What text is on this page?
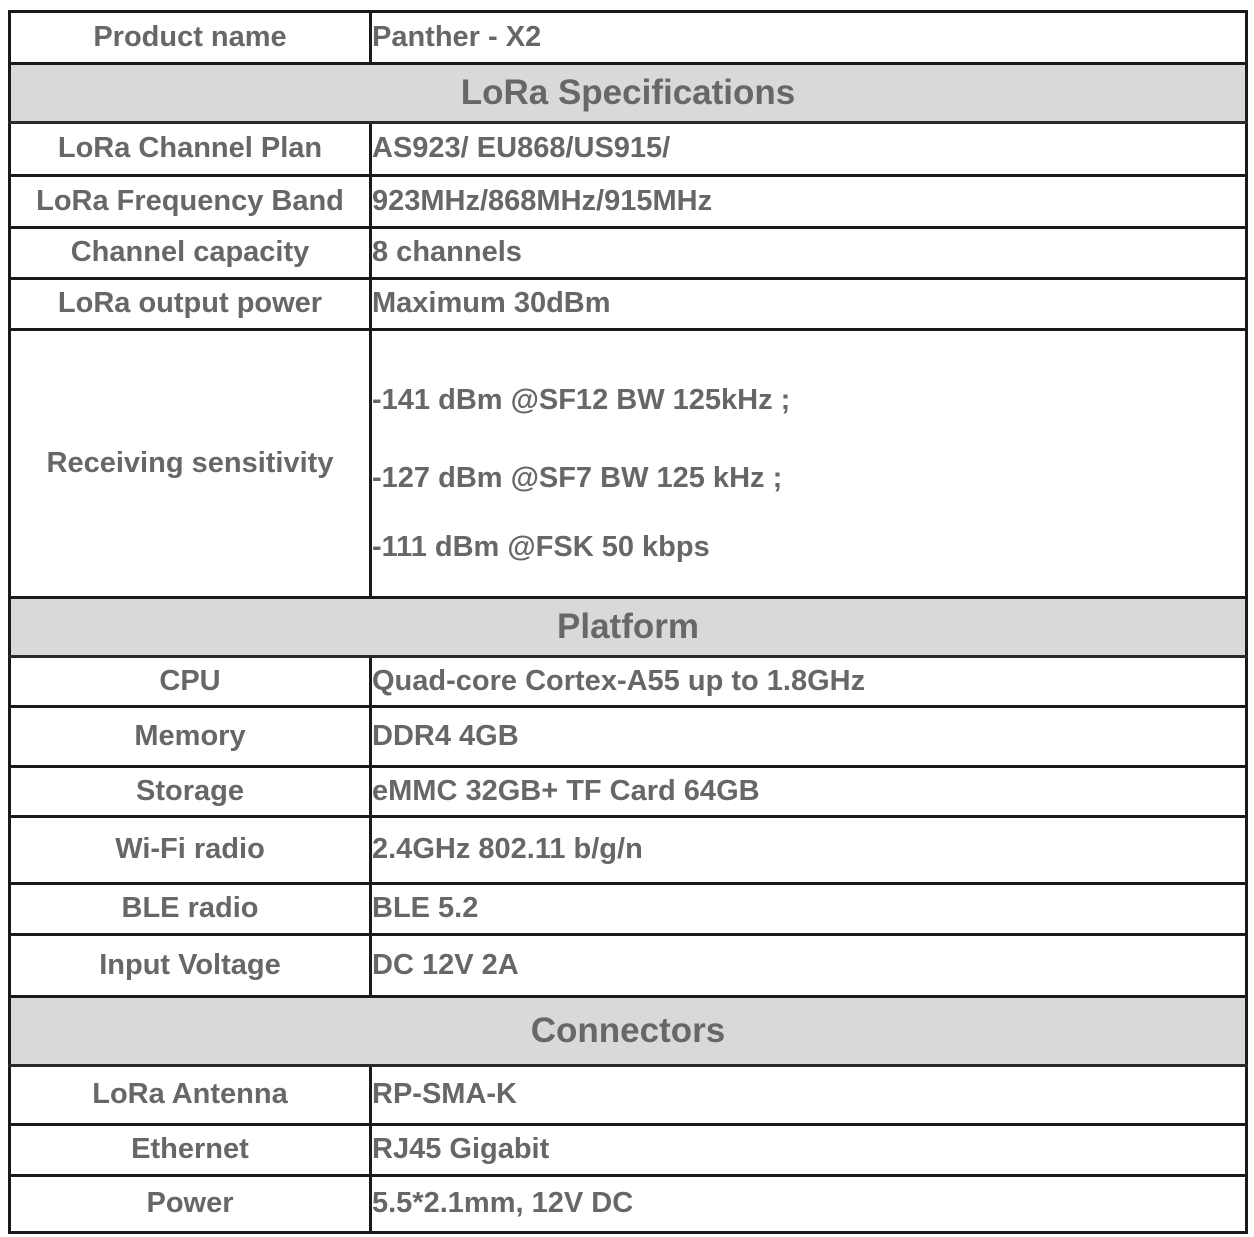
Product name	Panther - X2
LoRa Specifications	
LoRa Channel Plan	AS923/ EU868/US915/
LoRa Frequency Band	923MHz/868MHz/915MHz
Channel capacity	8 channels
LoRa output power	Maximum 30dBm
Receiving sensitivity	-141 dBm @SF12 BW 125kHz ;
-127 dBm @SF7 BW 125 kHz ;
-111 dBm @FSK 50 kbps

Platform	
CPU	Quad-core Cortex-A55 up to 1.8GHz
Memory	DDR4 4GB
Storage	eMMC 32GB+ TF Card 64GB
Wi-Fi radio	2.4GHz 802.11 b/g/n
BLE radio	BLE 5.2
Input Voltage	DC 12V 2A
Connectors	
LoRa Antenna	RP-SMA-K
Ethernet	RJ45 Gigabit
Power	5.5*2.1mm, 12V DC
